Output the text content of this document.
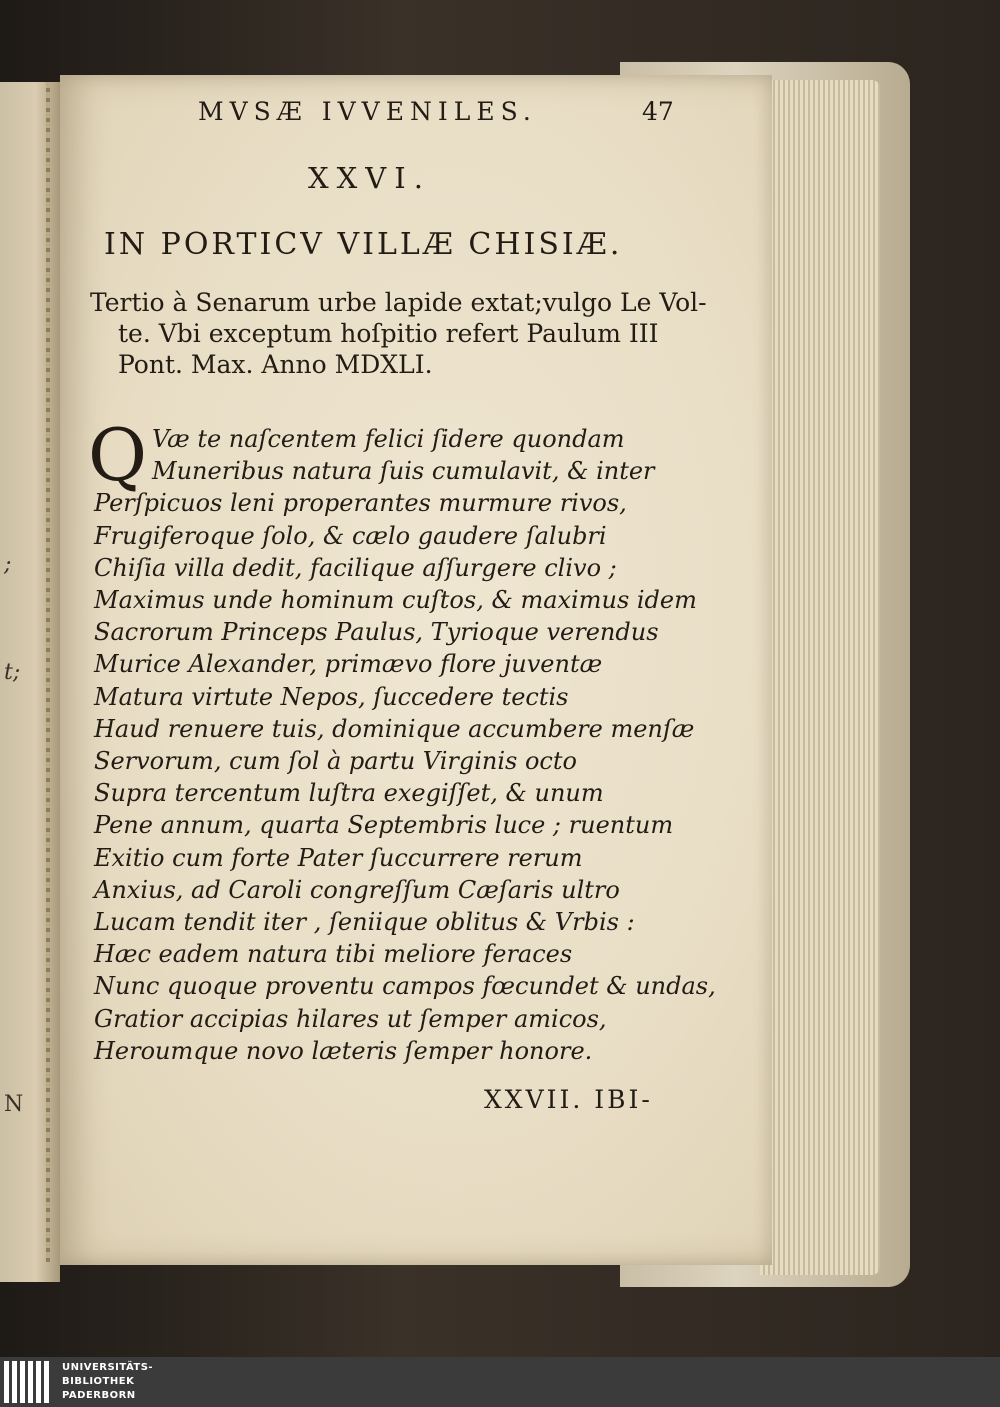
;
t;
N
MVSÆ IVVENILES.	47
XXVI.
IN PORTICV VILLÆ CHISIÆ.
Tertio à Senarum urbe lapide extat;vulgo Le Vol-
te. Vbi exceptum hoſpitio refert Paulum III
Pont. Max. Anno MDXLI.
Q Væ te naſcentem felici ſidere quondam
Muneribus natura ſuis cumulavit, & inter
Perſpicuos leni properantes murmure rivos,
Frugiferoque ſolo, & cælo gaudere ſalubri
Chiſia villa dedit, facilique aſſurgere clivo ;
Maximus unde hominum cuſtos, & maximus idem
Sacrorum Princeps Paulus, Tyrioque verendus
Murice Alexander, primævo flore juventæ
Matura virtute Nepos, ſuccedere tectis
Haud renuere tuis, dominique accumbere menſæ
Servorum, cum ſol à partu Virginis octo
Supra tercentum luſtra exegiſſet, & unum
Pene annum, quarta Septembris luce ; ruentum
Exitio cum forte Pater ſuccurrere rerum
Anxius, ad Caroli congreſſum Cæſaris ultro
Lucam tendit iter , ſeniique oblitus & Vrbis :
Hæc eadem natura tibi meliore feraces
Nunc quoque proventu campos fœcundet & undas,
Gratior accipias hilares ut ſemper amicos,
Heroumque novo læteris ſemper honore.
XXVII. IBI-
UNIVERSITÄTS-
BIBLIOTHEK
PADERBORN
